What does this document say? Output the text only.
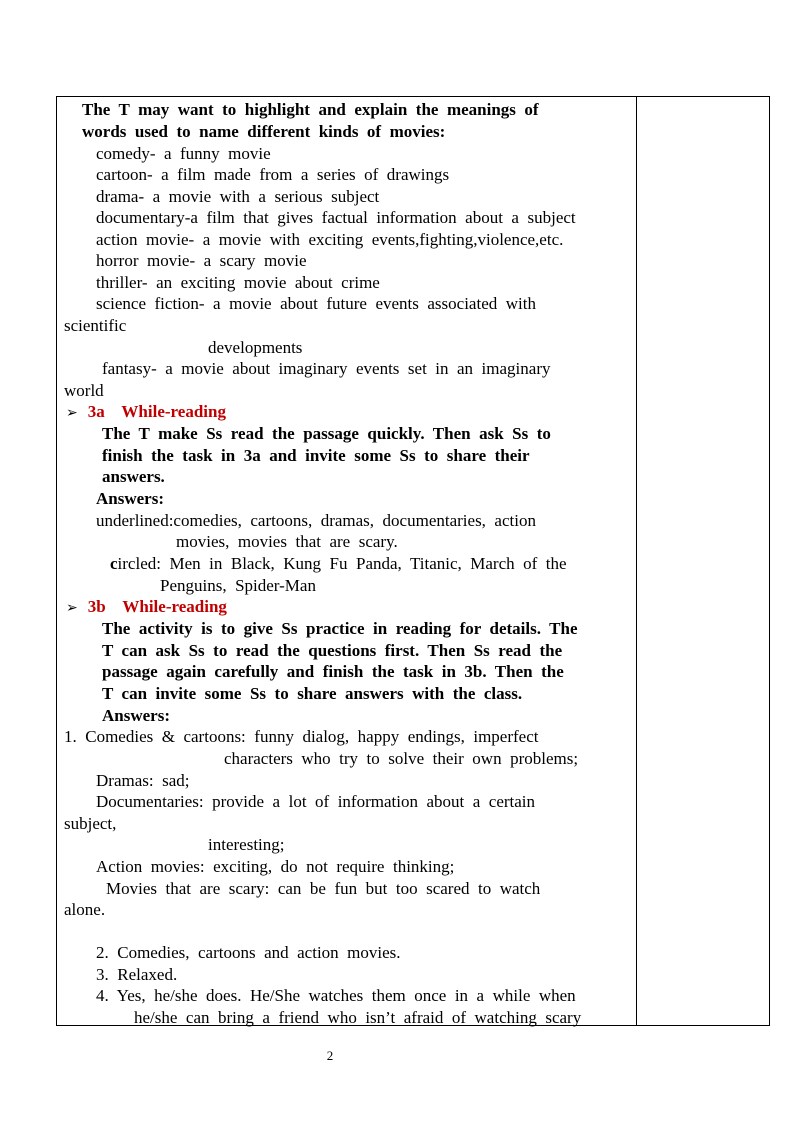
The  T  may  want  to  highlight  and  explain  the  meanings  of
words  used  to  name  different  kinds  of  movies:
comedy-  a  funny  movie
cartoon-  a  film  made  from  a  series  of  drawings
drama-  a  movie  with  a  serious  subject
documentary-a  film  that  gives  factual  information  about  a  subject
action  movie-  a  movie  with  exciting  events,fighting,violence,etc.
horror  movie-  a  scary  movie
thriller-  an  exciting  movie  about  crime
science  fiction-  a  movie  about  future  events  associated  with
scientific
developments
fantasy-  a  movie  about  imaginary  events  set  in  an  imaginary
world
➢ 3a    While-reading
The  T  make  Ss  read  the  passage  quickly.  Then  ask  Ss  to
finish  the  task  in  3a  and  invite  some  Ss  to  share  their
answers.
Answers:
underlined:comedies,  cartoons,  dramas,  documentaries,  action
movies,  movies  that  are  scary.
circled:  Men  in  Black,  Kung  Fu  Panda,  Titanic,  March  of  the
Penguins,  Spider-Man
➢ 3b    While-reading
The  activity  is  to  give  Ss  practice  in  reading  for  details.  The
T  can  ask  Ss  to  read  the  questions  first.  Then  Ss  read  the
passage  again  carefully  and  finish  the  task  in  3b.  Then  the
T  can  invite  some  Ss  to  share  answers  with  the  class.
Answers:
1.  Comedies  &  cartoons:  funny  dialog,  happy  endings,  imperfect
characters  who  try  to  solve  their  own  problems;
Dramas:  sad;
Documentaries:  provide  a  lot  of  information  about  a  certain
subject,
interesting;
Action  movies:  exciting,  do  not  require  thinking;
Movies  that  are  scary:  can  be  fun  but  too  scared  to  watch
alone.
2.  Comedies,  cartoons  and  action  movies.
3.  Relaxed.
4.  Yes,  he/she  does.  He/She  watches  them  once  in  a  while  when
he/she  can  bring  a  friend  who  isn’t  afraid  of  watching  scary
2
